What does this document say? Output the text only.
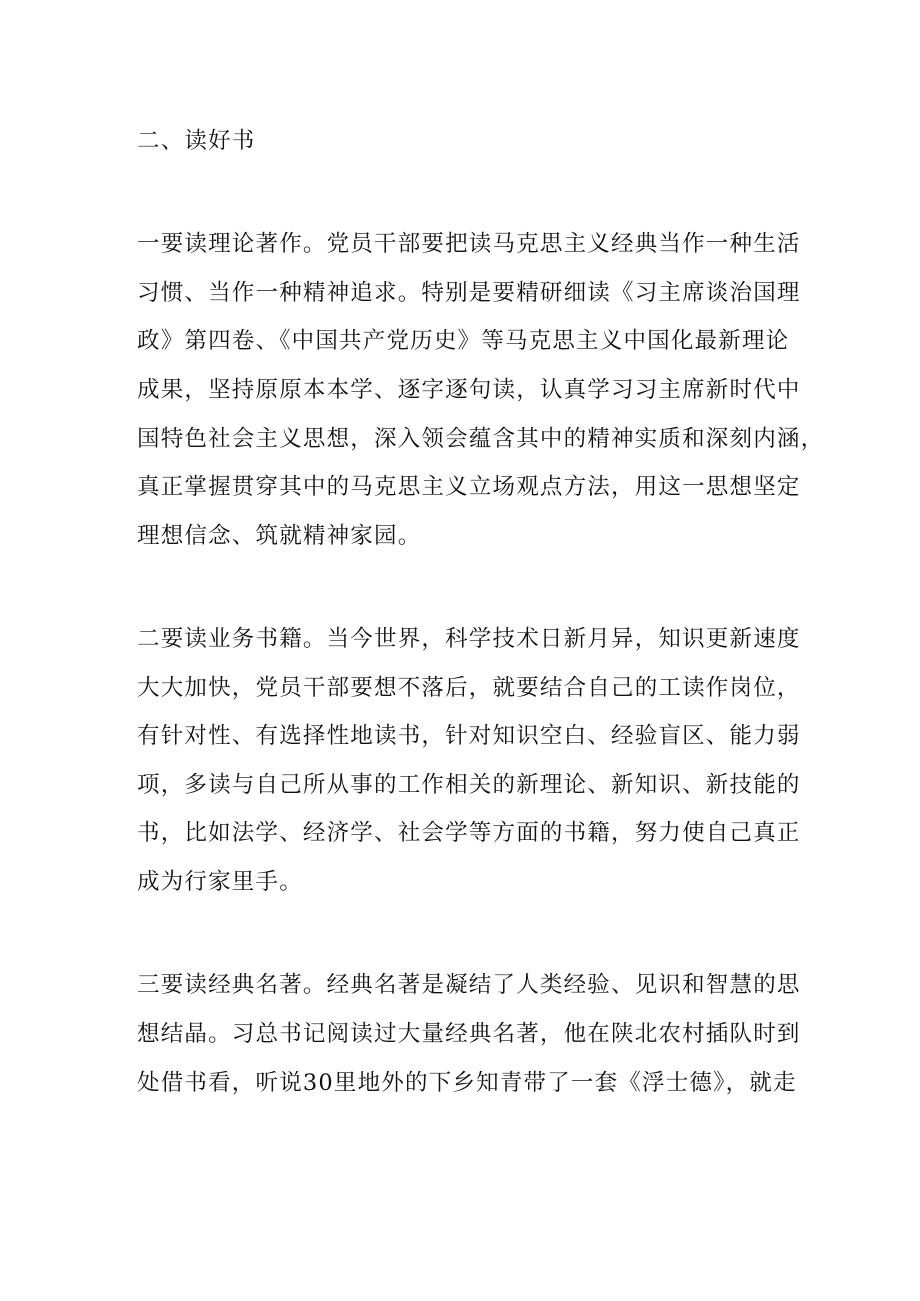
二、读好书
一要读理论著作。党员干部要把读马克思主义经典当作一种生活
习惯、当作一种精神追求。特别是要精研细读《习主席谈治国理
政》第四卷、《中国共产党历史》等马克思主义中国化最新理论
成果，坚持原原本本学、逐字逐句读，认真学习习主席新时代中
国特色社会主义思想，深入领会蕴含其中的精神实质和深刻内涵，
真正掌握贯穿其中的马克思主义立场观点方法，用这一思想坚定
理想信念、筑就精神家园。
二要读业务书籍。当今世界，科学技术日新月异，知识更新速度
大大加快，党员干部要想不落后，就要结合自己的工读作岗位，
有针对性、有选择性地读书，针对知识空白、经验盲区、能力弱
项，多读与自己所从事的工作相关的新理论、新知识、新技能的
书，比如法学、经济学、社会学等方面的书籍，努力使自己真正
成为行家里手。
三要读经典名著。经典名著是凝结了人类经验、见识和智慧的思
想结晶。习总书记阅读过大量经典名著，他在陕北农村插队时到
处借书看，听说30里地外的下乡知青带了一套《浮士德》，就走
